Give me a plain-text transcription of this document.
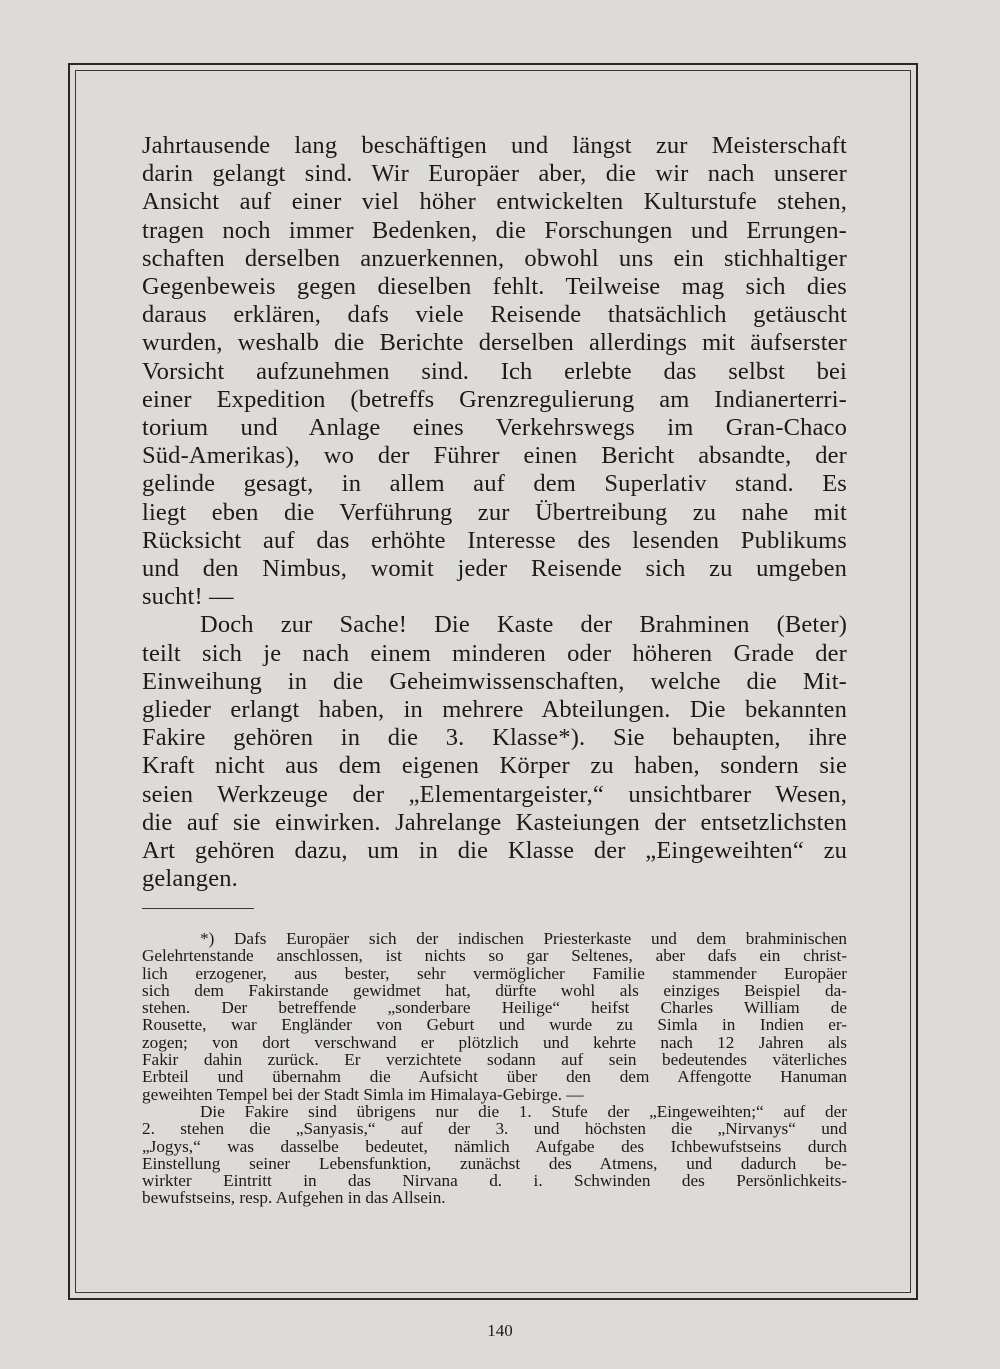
Jahrtausende lang beschäftigen und längst zur Meisterschaft
darin gelangt sind. Wir Europäer aber, die wir nach unserer
Ansicht auf einer viel höher entwickelten Kulturstufe stehen,
tragen noch immer Bedenken, die Forschungen und Errungen-
schaften derselben anzuerkennen, obwohl uns ein stichhaltiger
Gegenbeweis gegen dieselben fehlt. Teilweise mag sich dies
daraus erklären, dafs viele Reisende thatsächlich getäuscht
wurden, weshalb die Berichte derselben allerdings mit äufserster
Vorsicht aufzunehmen sind. Ich erlebte das selbst bei
einer Expedition (betreffs Grenzregulierung am Indianerterri-
torium und Anlage eines Verkehrswegs im Gran-Chaco
Süd-Amerikas), wo der Führer einen Bericht absandte, der
gelinde gesagt, in allem auf dem Superlativ stand. Es
liegt eben die Verführung zur Übertreibung zu nahe mit
Rücksicht auf das erhöhte Interesse des lesenden Publikums
und den Nimbus, womit jeder Reisende sich zu umgeben
sucht! —
Doch zur Sache! Die Kaste der Brahminen (Beter)
teilt sich je nach einem minderen oder höheren Grade der
Einweihung in die Geheimwissenschaften, welche die Mit-
glieder erlangt haben, in mehrere Abteilungen. Die bekannten
Fakire gehören in die 3. Klasse*). Sie behaupten, ihre
Kraft nicht aus dem eigenen Körper zu haben, sondern sie
seien Werkzeuge der „Elementargeister,“ unsichtbarer Wesen,
die auf sie einwirken. Jahrelange Kasteiungen der entsetzlichsten
Art gehören dazu, um in die Klasse der „Eingeweihten“ zu
gelangen.
*) Dafs Europäer sich der indischen Priesterkaste und dem brahminischen
Gelehrtenstande anschlossen, ist nichts so gar Seltenes, aber dafs ein christ-
lich erzogener, aus bester, sehr vermöglicher Familie stammender Europäer
sich dem Fakirstande gewidmet hat, dürfte wohl als einziges Beispiel da-
stehen. Der betreffende „sonderbare Heilige“ heifst Charles William de
Rousette, war Engländer von Geburt und wurde zu Simla in Indien er-
zogen; von dort verschwand er plötzlich und kehrte nach 12 Jahren als
Fakir dahin zurück. Er verzichtete sodann auf sein bedeutendes väterliches
Erbteil und übernahm die Aufsicht über den dem Affengotte Hanuman
geweihten Tempel bei der Stadt Simla im Himalaya-Gebirge. —
Die Fakire sind übrigens nur die 1. Stufe der „Eingeweihten;“ auf der
2. stehen die „Sanyasis,“ auf der 3. und höchsten die „Nirvanys“ und
„Jogys,“ was dasselbe bedeutet, nämlich Aufgabe des Ichbewufstseins durch
Einstellung seiner Lebensfunktion, zunächst des Atmens, und dadurch be-
wirkter Eintritt in das Nirvana d. i. Schwinden des Persönlichkeits-
bewufstseins, resp. Aufgehen in das Allsein.
140
